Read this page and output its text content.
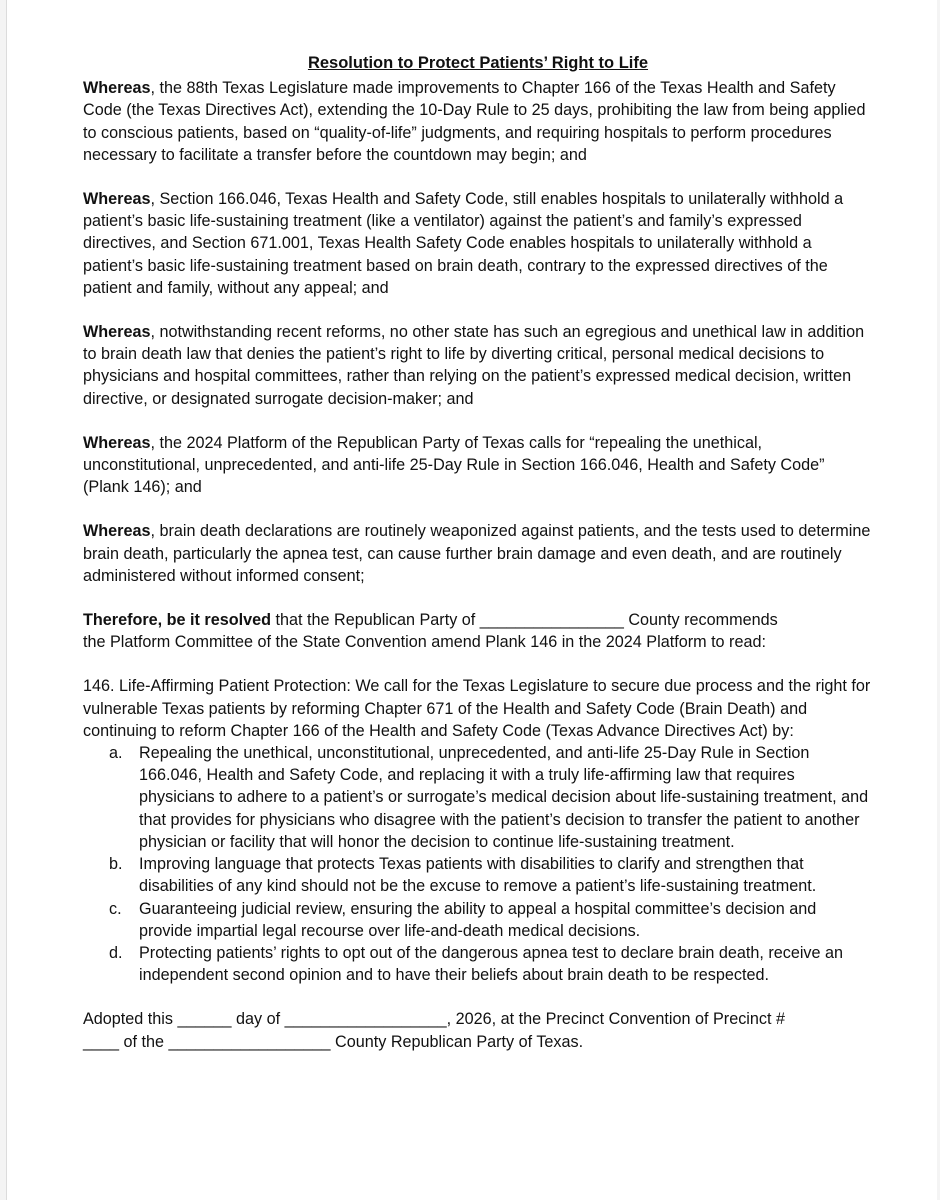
Resolution to Protect Patients’ Right to Life

Whereas, the 88th Texas Legislature made improvements to Chapter 166 of the Texas Health and Safety Code (the Texas Directives Act), extending the 10-Day Rule to 25 days, prohibiting the law from being applied to conscious patients, based on “quality-of-life” judgments, and requiring hospitals to perform procedures necessary to facilitate a transfer before the countdown may begin; and

Whereas, Section 166.046, Texas Health and Safety Code, still enables hospitals to unilaterally withhold a patient’s basic life-sustaining treatment (like a ventilator) against the patient’s and family’s expressed directives, and Section 671.001, Texas Health Safety Code enables hospitals to unilaterally withhold a patient’s basic life-sustaining treatment based on brain death, contrary to the expressed directives of the patient and family, without any appeal; and

Whereas, notwithstanding recent reforms, no other state has such an egregious and unethical law in addition to brain death law that denies the patient’s right to life by diverting critical, personal medical decisions to physicians and hospital committees, rather than relying on the patient’s expressed medical decision, written directive, or designated surrogate decision-maker; and

Whereas, the 2024 Platform of the Republican Party of Texas calls for “repealing the unethical, unconstitutional, unprecedented, and anti-life 25-Day Rule in Section 166.046, Health and Safety Code” (Plank 146); and

Whereas, brain death declarations are routinely weaponized against patients, and the tests used to determine brain death, particularly the apnea test, can cause further brain damage and even death, and are routinely administered without informed consent;

Therefore, be it resolved that the Republican Party of ________________ County recommends
the Platform Committee of the State Convention amend Plank 146 in the 2024 Platform to read:

146. Life-Affirming Patient Protection: We call for the Texas Legislature to secure due process and the right for vulnerable Texas patients by reforming Chapter 671 of the Health and Safety Code (Brain Death) and continuing to reform Chapter 166 of the Health and Safety Code (Texas Advance Directives Act) by:

a. Repealing the unethical, unconstitutional, unprecedented, and anti-life 25-Day Rule in Section 166.046, Health and Safety Code, and replacing it with a truly life-affirming law that requires physicians to adhere to a patient’s or surrogate’s medical decision about life-sustaining treatment, and that provides for physicians who disagree with the patient’s decision to transfer the patient to another physician or facility that will honor the decision to continue life-sustaining treatment.
b. Improving language that protects Texas patients with disabilities to clarify and strengthen that disabilities of any kind should not be the excuse to remove a patient’s life-sustaining treatment.
c. Guaranteeing judicial review, ensuring the ability to appeal a hospital committee’s decision and provide impartial legal recourse over life-and-death medical decisions.
d. Protecting patients’ rights to opt out of the dangerous apnea test to declare brain death, receive an independent second opinion and to have their beliefs about brain death to be respected.

Adopted this ______ day of __________________, 2026, at the Precinct Convention of Precinct #
____ of the __________________ County Republican Party of Texas.
